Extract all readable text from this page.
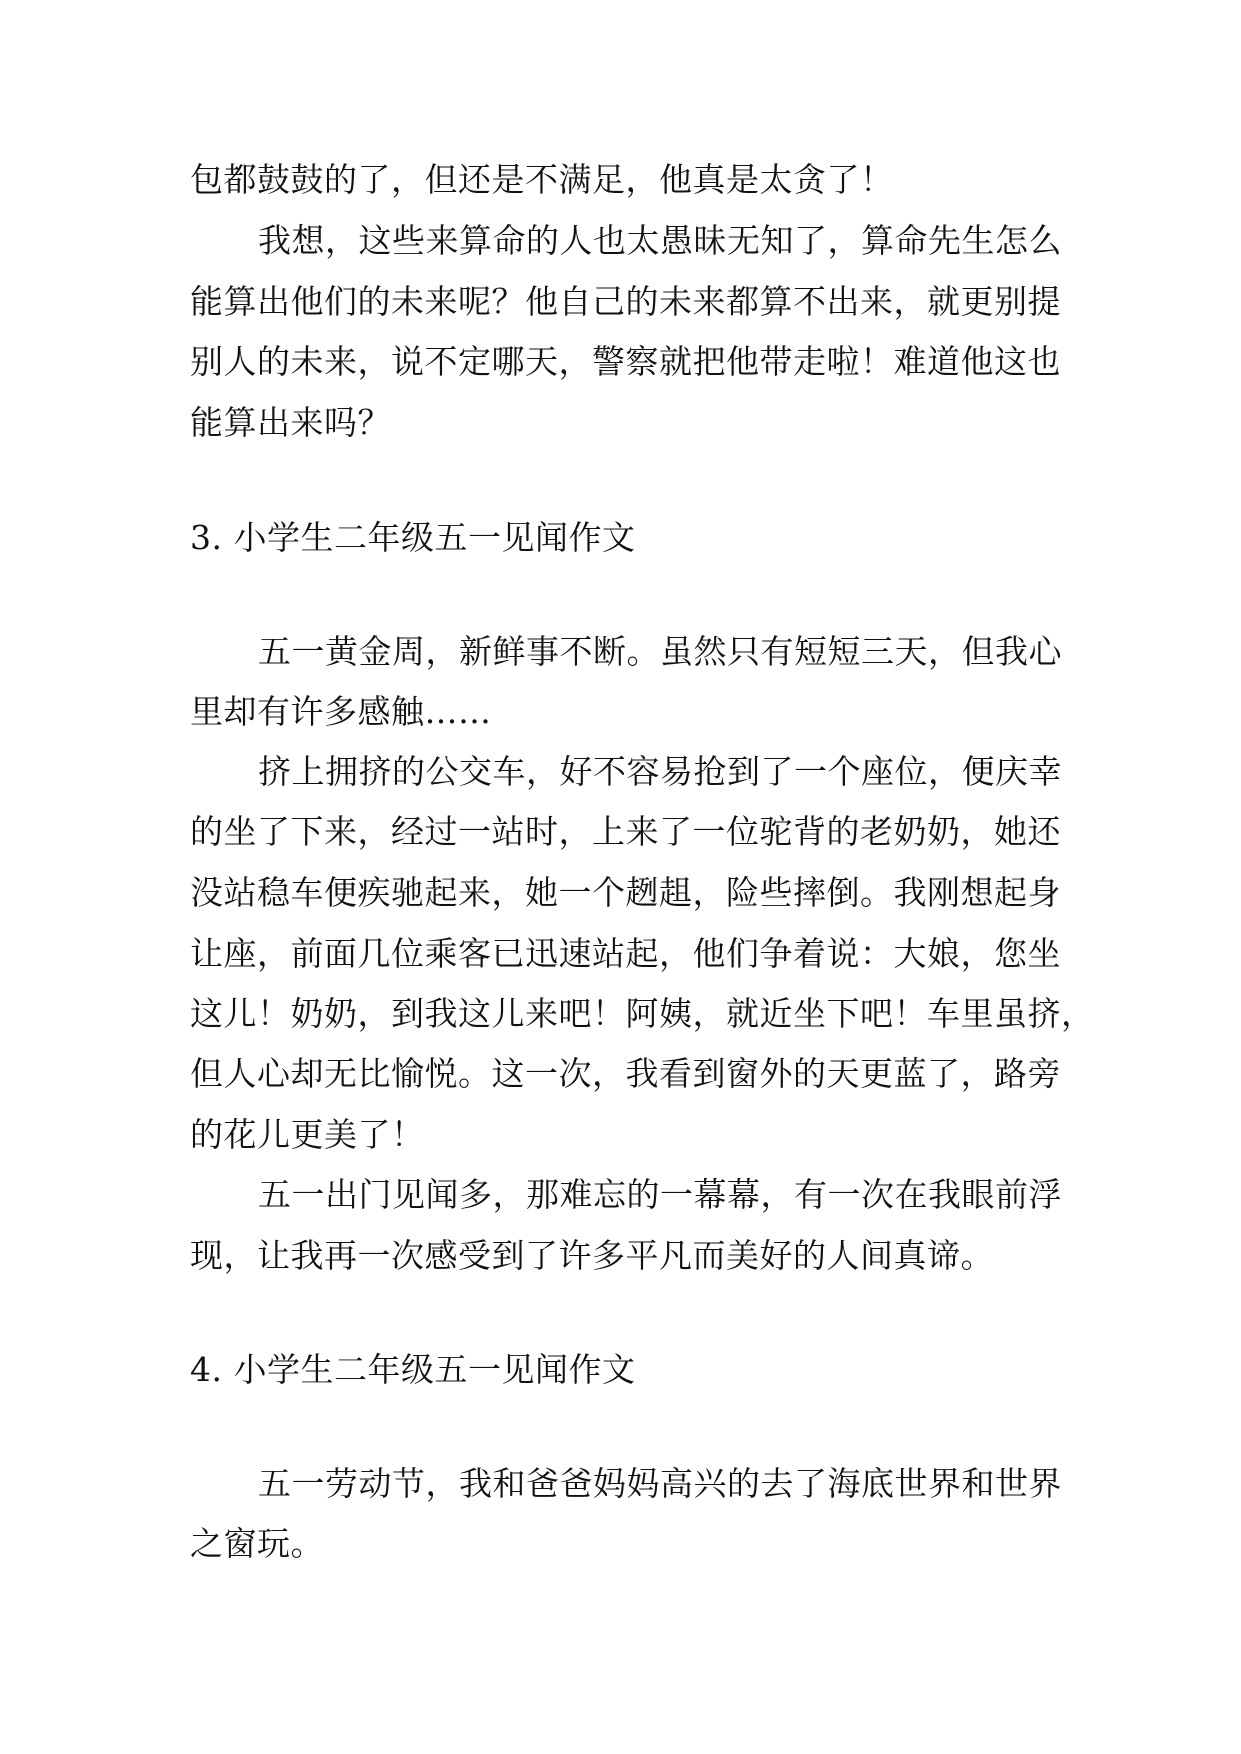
包都鼓鼓的了，但还是不满足，他真是太贪了！
我想，这些来算命的人也太愚昧无知了，算命先生怎么
能算出他们的未来呢？他自己的未来都算不出来，就更别提
别人的未来，说不定哪天，警察就把他带走啦！难道他这也
能算出来吗？
3. 小学生二年级五一见闻作文
五一黄金周，新鲜事不断。虽然只有短短三天，但我心
里却有许多感触……
挤上拥挤的公交车，好不容易抢到了一个座位，便庆幸
的坐了下来，经过一站时，上来了一位驼背的老奶奶，她还
没站稳车便疾驰起来，她一个趔趄，险些摔倒。我刚想起身
让座，前面几位乘客已迅速站起，他们争着说：大娘，您坐
这儿！奶奶，到我这儿来吧！阿姨，就近坐下吧！车里虽挤，
但人心却无比愉悦。这一次，我看到窗外的天更蓝了，路旁
的花儿更美了！
五一出门见闻多，那难忘的一幕幕，有一次在我眼前浮
现，让我再一次感受到了许多平凡而美好的人间真谛。
4. 小学生二年级五一见闻作文
五一劳动节，我和爸爸妈妈高兴的去了海底世界和世界
之窗玩。
